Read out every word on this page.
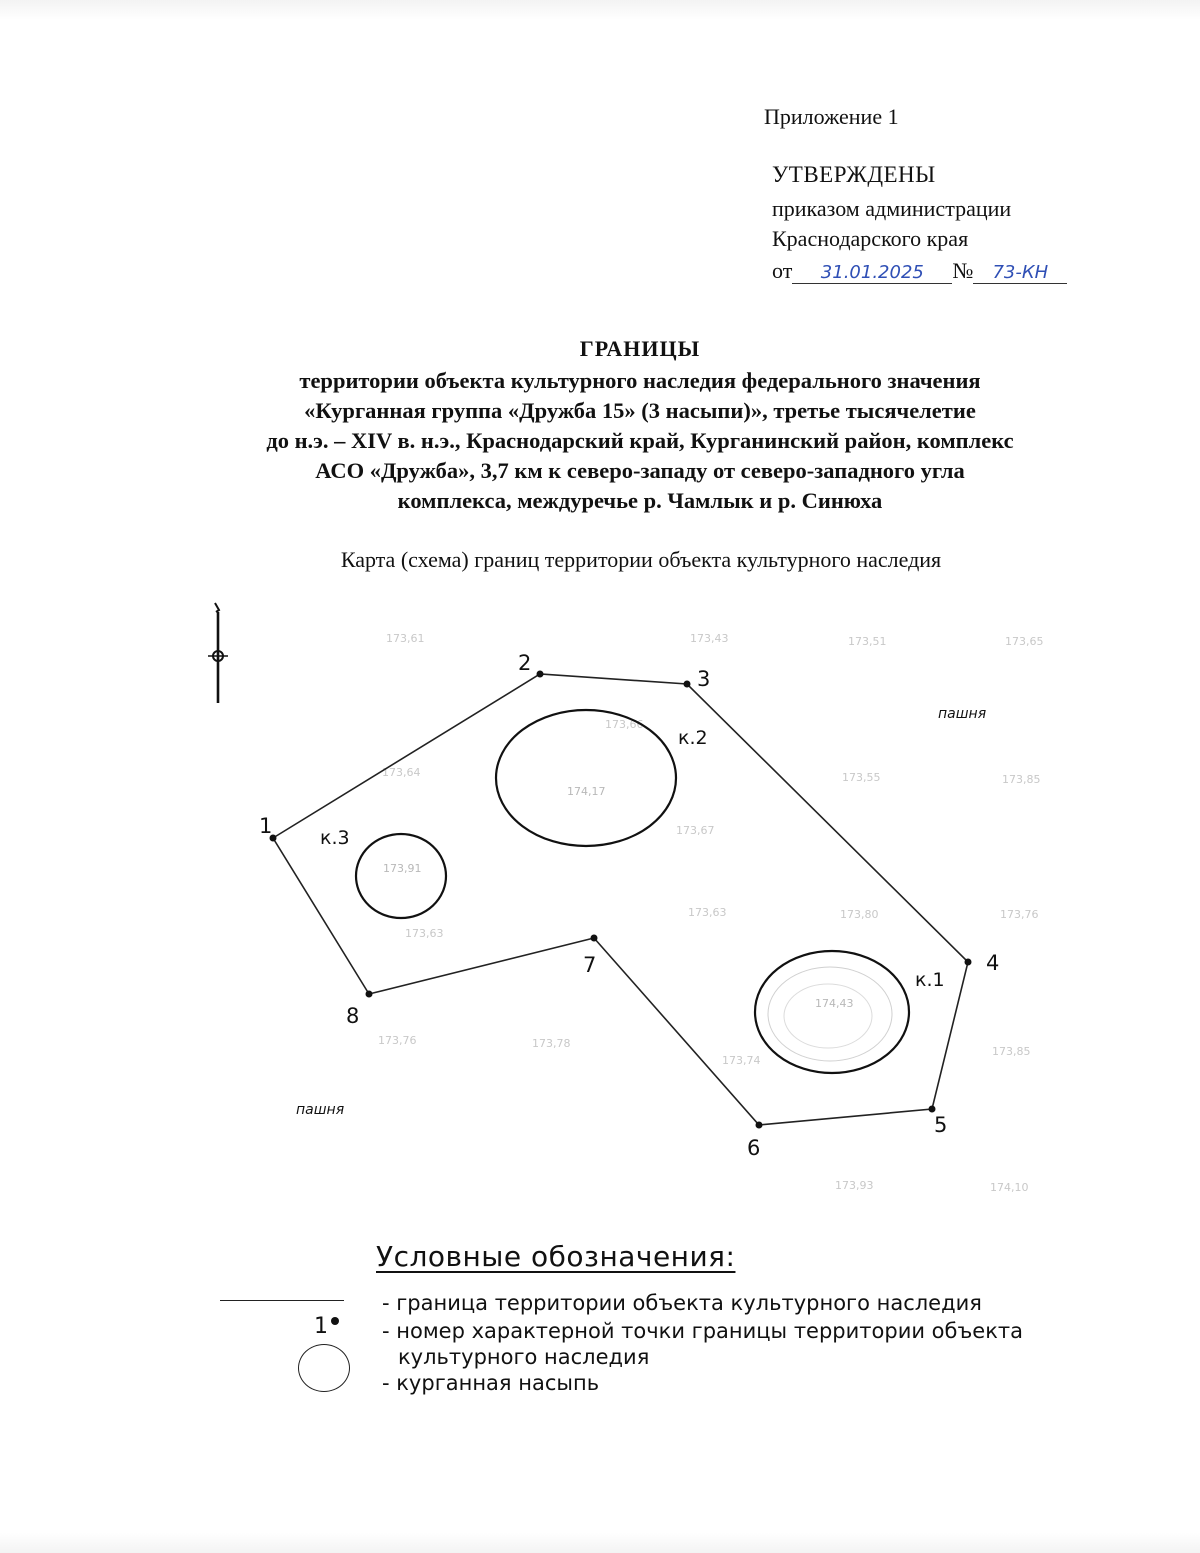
Приложение 1
УТВЕРЖДЕНЫ
приказом администрации
Краснодарского края
от 31.01.2025 № 73-КН
ГРАНИЦЫ

территории объекта культурного наследия федерального значения

«Курганная группа «Дружба 15» (3 насыпи)», третье тысячелетие

до н.э. – XIV в. н.э., Краснодарский край, Курганинский район, комплекс

АСО «Дружба», 3,7 км к северо-западу от северо-западного угла

комплекса, междуречье р. Чамлык и р. Синюха

Карта (схема) границ территории объекта культурного наследия
173,61	173,43	173,51	173,65
173,66
173,64	173,55	173,85
173,67
173,63	173,80	173,76
173,63
173,76	173,78
173,74
173,85
173,93	174,10
1
2
3
4
5
6
7
8
174,43
174,17
173,91
к.1
к.2
к.3
пашня
пашня
Условные обозначения:
- граница территории объекта культурного наследия
1	- номер характерной точки границы территории объекта
культурного наследия
- курганная насыпь
